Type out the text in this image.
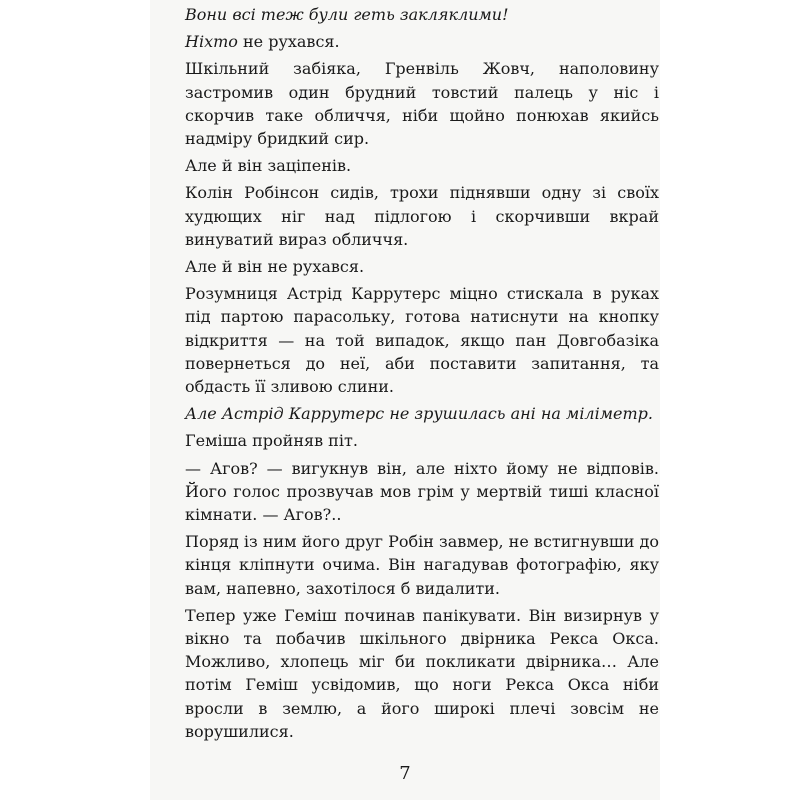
Вони всі теж були геть закляклими!

Ніхто не рухався.

Шкільний забіяка, Гренвіль Жовч, наполовину застромив один брудний товстий палець у ніс і скорчив таке обличчя, ніби щойно понюхав якийсь надміру бридкий сир.

Але й він заціпенів.

Колін Робінсон сидів, трохи піднявши одну зі своїх худющих ніг над підлогою і скорчивши вкрай винуватий вираз обличчя.

Але й він не рухався.

Розумниця Астрід Каррутерс міцно стискала в руках під партою парасольку, готова натиснути на кнопку відкриття — на той випадок, якщо пан Довгобазіка повернеться до неї, аби поставити запитання, та обдасть її зливою слини.

Але Астрід Каррутерс не зрушилась ані на міліметр.

Геміша пройняв піт.

— Агов? — вигукнув він, але ніхто йому не відповів. Його голос прозвучав мов грім у мертвій тиші класної кімнати. — Агов?..

Поряд із ним його друг Робін завмер, не встигнувши до кінця кліпнути очима. Він нагадував фотографію, яку вам, напевно, захотілося б видалити.

Тепер уже Геміш починав панікувати. Він визирнув у вікно та побачив шкільного двірника Рекса Окса. Можливо, хлопець міг би покликати двірника… Але потім Геміш усвідомив, що ноги Рекса Окса ніби вросли в землю, а його широкі плечі зовсім не ворушилися.

7
